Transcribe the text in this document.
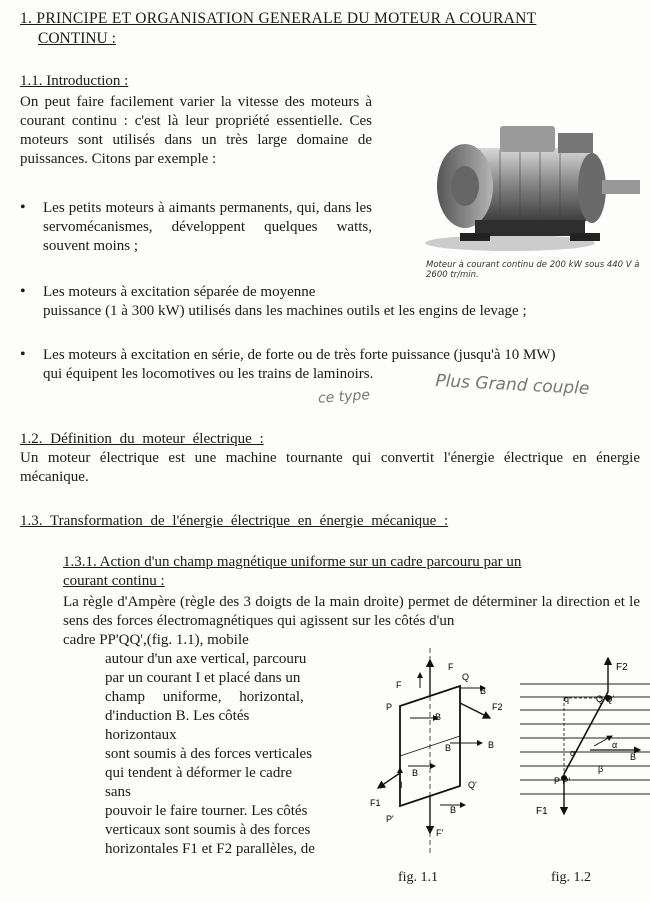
1. PRINCIPE ET ORGANISATION GENERALE DU MOTEUR A COURANT
CONTINU :
1.1. Introduction :
On peut faire facilement varier la vitesse des moteurs à courant continu : c'est là leur propriété essentielle. Ces moteurs sont utilisés dans un très large domaine de puissances. Citons par exemple :
• Les petits moteurs à aimants permanents, qui, dans les servomécanismes, développent quelques watts, souvent moins ;
Moteur à courant continu de 200 kW sous 440 V à 2600 tr/min.
• Les moteurs à excitation séparée de moyenne
puissance (1 à 300 kW) utilisés dans les machines outils et les engins de levage ;
• Les moteurs à excitation en série, de forte ou de très forte puissance (jusqu'à 10 MW)
qui équipent les locomotives ou les trains de laminoirs.	Plus Grand couple
ce type
1.2. Définition du moteur électrique :
Un moteur électrique est une machine tournante qui convertit l'énergie électrique en énergie mécanique.
1.3. Transformation de l'énergie électrique en énergie mécanique :
1.3.1. Action d'un champ magnétique uniforme sur un cadre parcouru par un
courant continu :
La règle d'Ampère (règle des 3 doigts de la main droite) permet de déterminer la direction et le sens des forces électromagnétiques qui agissent sur les côtés d'un
cadre PP'QQ',(fig. 1.1), mobile
autour d'un axe vertical, parcouru
par un courant I et placé dans un
champ uniforme, horizontal,
d'induction B. Les côtés horizontaux
sont soumis à des forces verticales
qui tendent à déformer le cadre sans
pouvoir le faire tourner. Les côtés
verticaux sont soumis à des forces
horizontales F1 et F2 parallèles, de
F
F
Q
B
P	F2
B
B	B
B
I	Q'
F1
B
P'
F'
fig. 1.1
F2
q	Q Q'
α
α
B
β
P P'
F1
fig. 1.2
